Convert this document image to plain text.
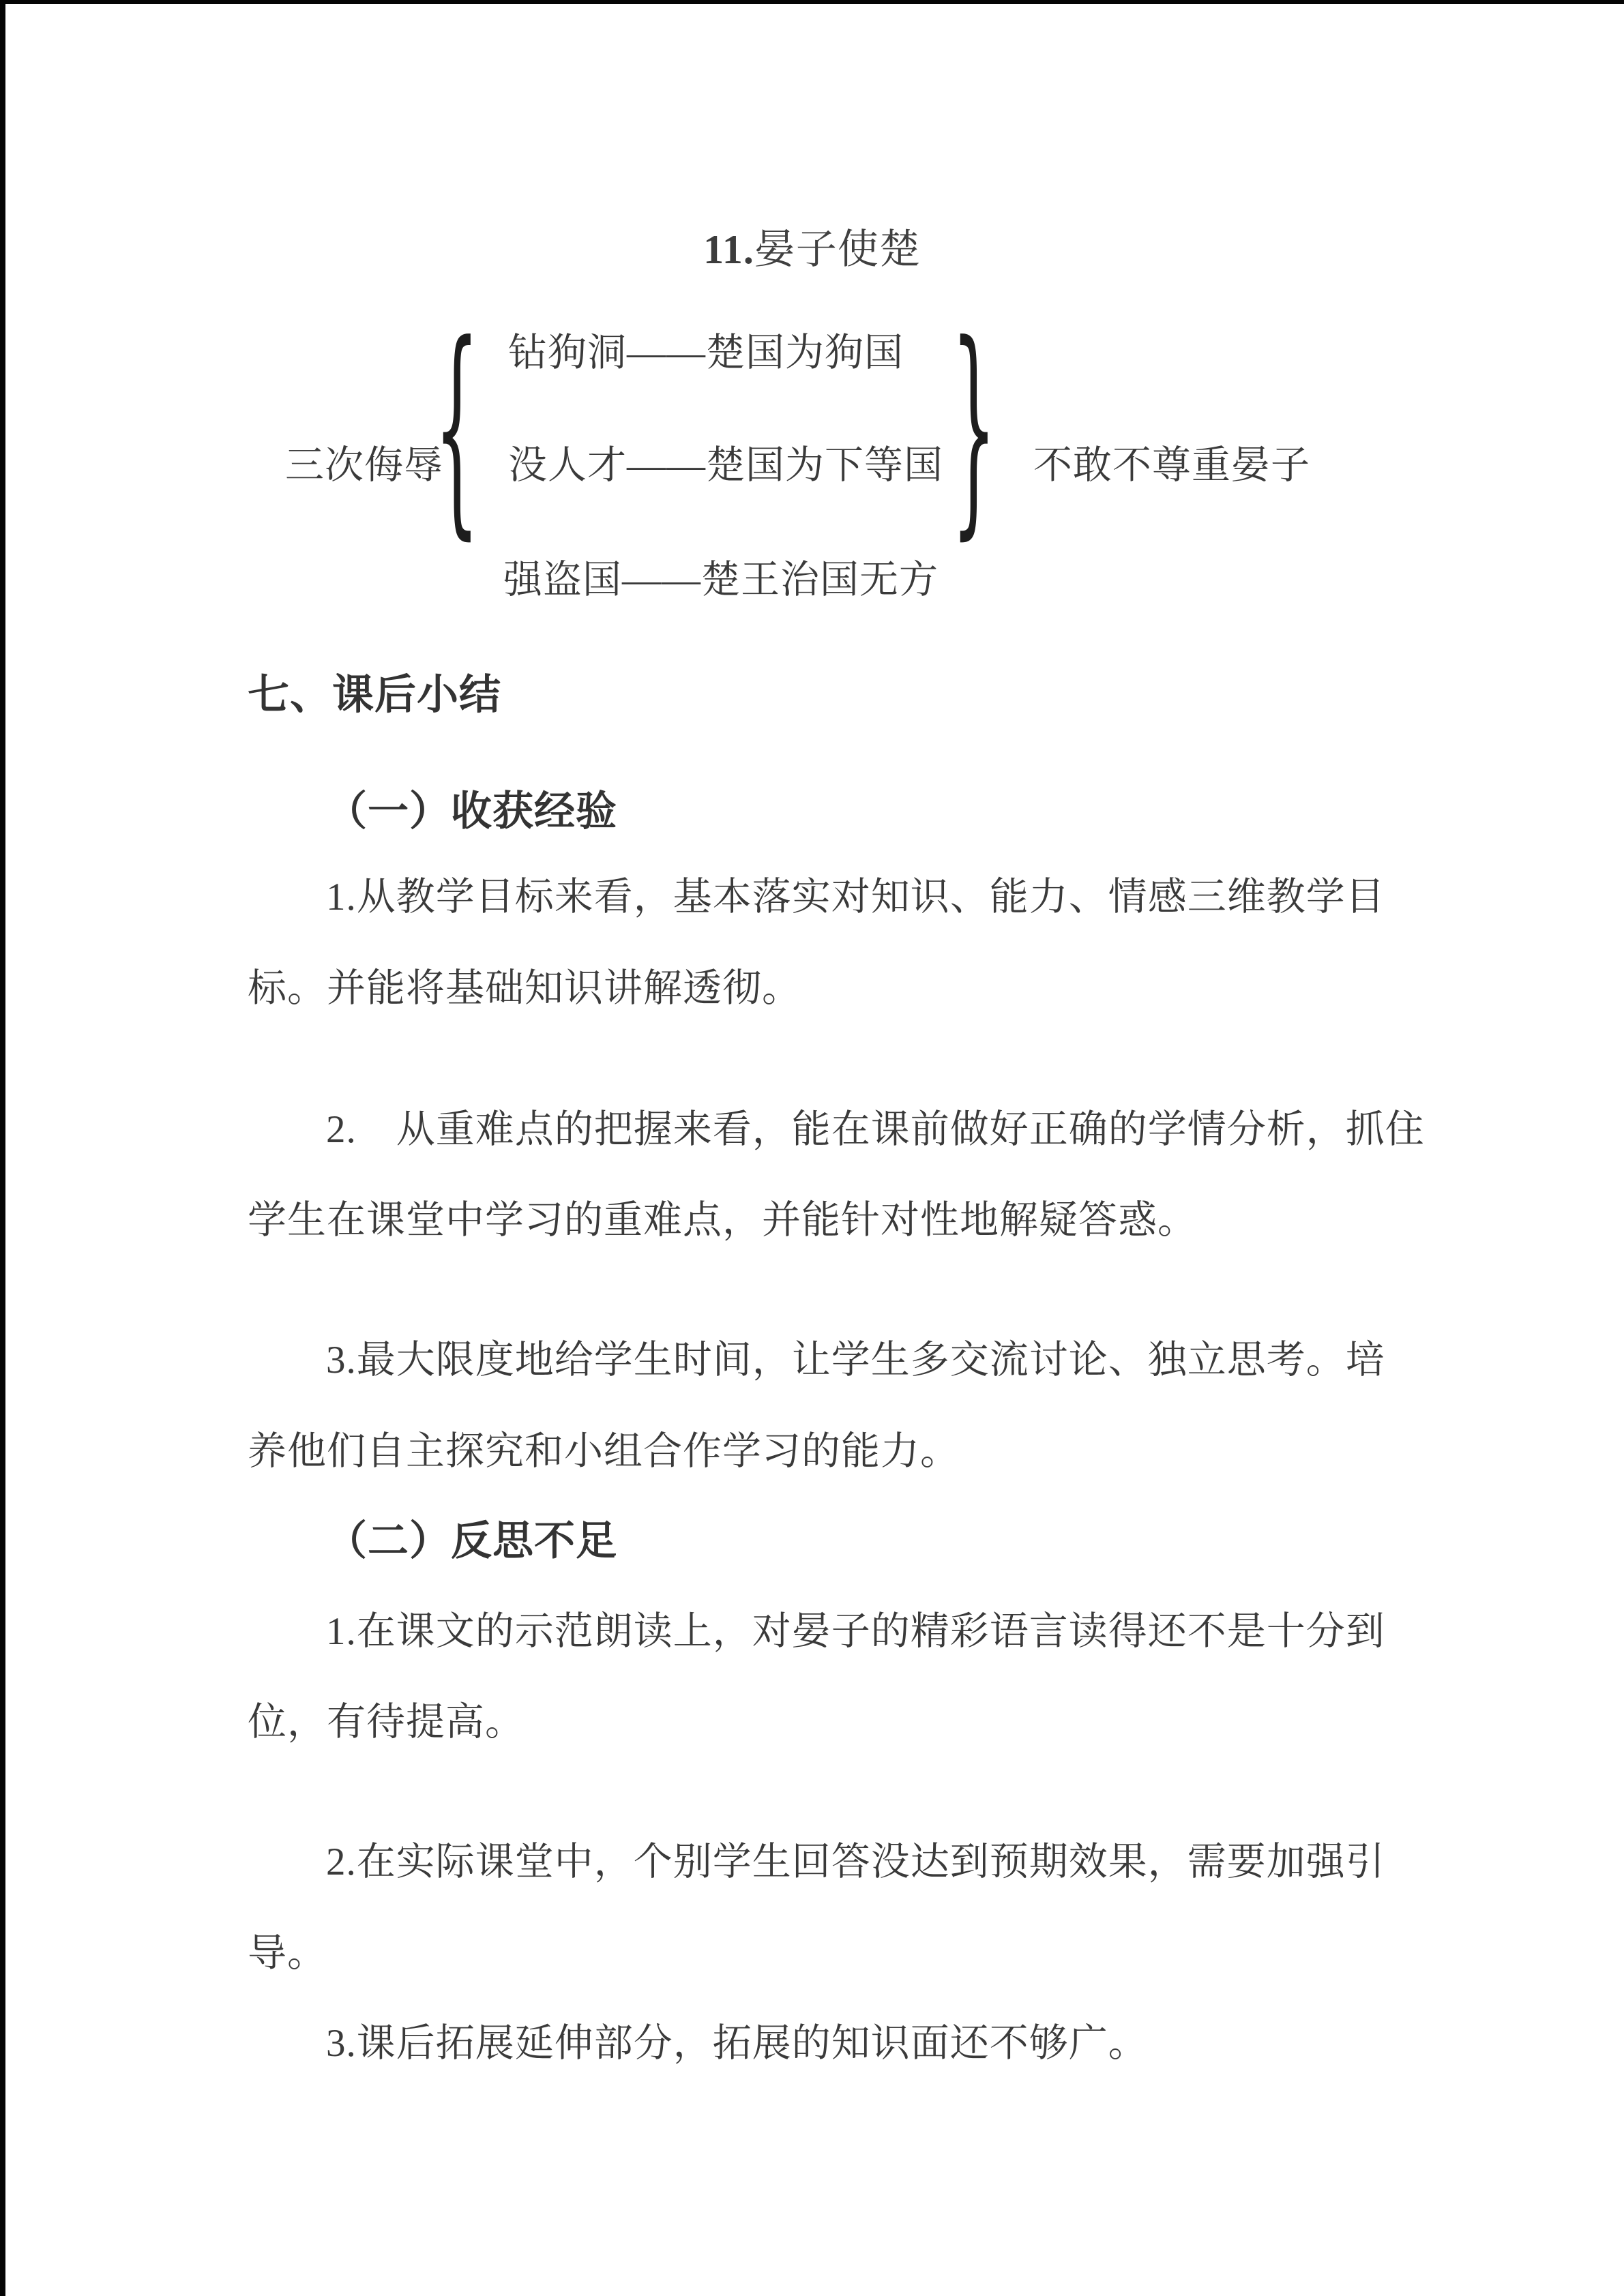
11.晏子使楚
三次侮辱
{ 钻狗洞——楚国为狗国
没人才——楚国为下等国
强盗国——楚王治国无方
} 不敢不尊重晏子
七、课后小结
（一）收获经验
1.从教学目标来看，基本落实对知识、能力、情感三维教学目
标。并能将基础知识讲解透彻。
2.　从重难点的把握来看，能在课前做好正确的学情分析，抓住
学生在课堂中学习的重难点，并能针对性地解疑答惑。
3.最大限度地给学生时间，让学生多交流讨论、独立思考。培
养他们自主探究和小组合作学习的能力。
（二）反思不足
1.在课文的示范朗读上，对晏子的精彩语言读得还不是十分到
位，有待提高。
2.在实际课堂中，个别学生回答没达到预期效果，需要加强引
导。
3.课后拓展延伸部分，拓展的知识面还不够广。
